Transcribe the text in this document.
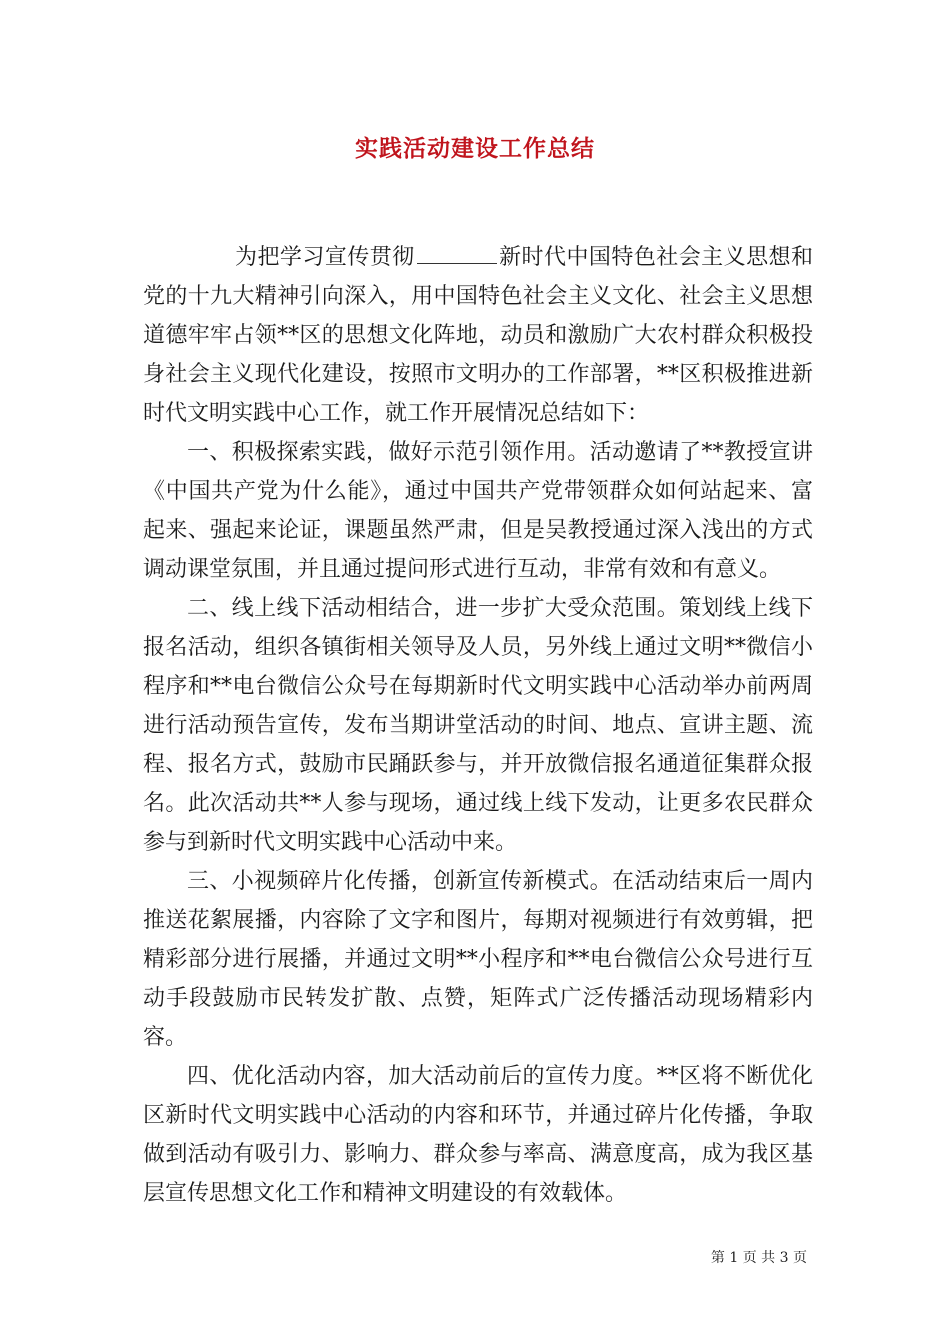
实践活动建设工作总结

为把学习宣传贯彻	新时代中国特色社会主义思想和党的十九大精神引向深入，用中国特色社会主义文化、社会主义思想道德牢牢占领**区的思想文化阵地，动员和激励广大农村群众积极投身社会主义现代化建设，按照市文明办的工作部署，**区积极推进新时代文明实践中心工作，就工作开展情况总结如下：

一、积极探索实践，做好示范引领作用。活动邀请了**教授宣讲《中国共产党为什么能》，通过中国共产党带领群众如何站起来、富起来、强起来论证，课题虽然严肃，但是吴教授通过深入浅出的方式调动课堂氛围，并且通过提问形式进行互动，非常有效和有意义。

二、线上线下活动相结合，进一步扩大受众范围。策划线上线下报名活动，组织各镇街相关领导及人员，另外线上通过文明**微信小程序和**电台微信公众号在每期新时代文明实践中心活动举办前两周进行活动预告宣传，发布当期讲堂活动的时间、地点、宣讲主题、流程、报名方式，鼓励市民踊跃参与，并开放微信报名通道征集群众报名。此次活动共**人参与现场，通过线上线下发动，让更多农民群众参与到新时代文明实践中心活动中来。

三、小视频碎片化传播，创新宣传新模式。在活动结束后一周内推送花絮展播，内容除了文字和图片，每期对视频进行有效剪辑，把精彩部分进行展播，并通过文明**小程序和**电台微信公众号进行互动手段鼓励市民转发扩散、点赞，矩阵式广泛传播活动现场精彩内容。

四、优化活动内容，加大活动前后的宣传力度。**区将不断优化区新时代文明实践中心活动的内容和环节，并通过碎片化传播，争取做到活动有吸引力、影响力、群众参与率高、满意度高，成为我区基层宣传思想文化工作和精神文明建设的有效载体。

第 1 页 共 3 页
